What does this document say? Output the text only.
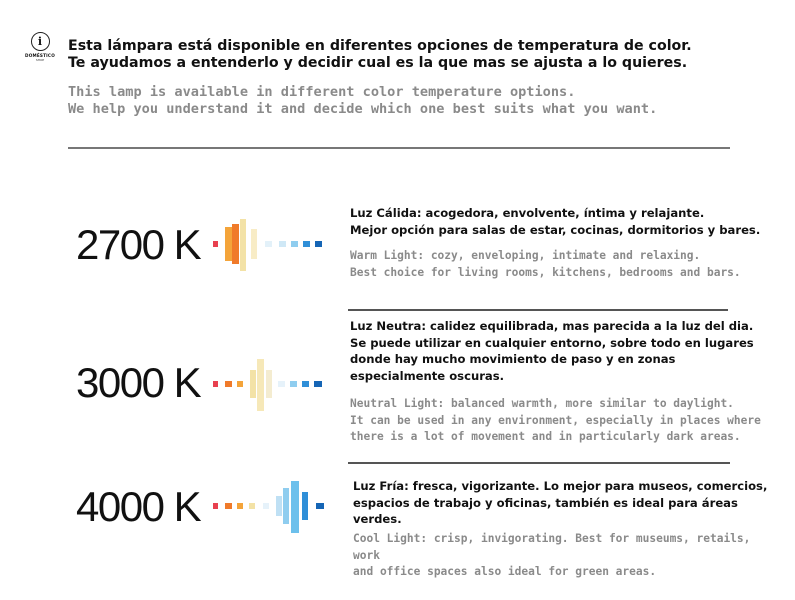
i
DOMÉSTICO
SHOP

Esta lámpara está disponible en diferentes opciones de temperatura de color.
Te ayudamos a entenderlo y decidir cual es la que mas se ajusta a lo quieres.

This lamp is available in different color temperature options.
We help you understand it and decide which one best suits what you want.

2700 K

Luz Cálida: acogedora, envolvente, íntima y relajante.
Mejor opción para salas de estar, cocinas, dormitorios y bares.

Warm Light: cozy, enveloping, intimate and relaxing.
Best choice for living rooms, kitchens, bedrooms and bars.

3000 K

Luz Neutra: calidez equilibrada, mas parecida a la luz del dia.
Se puede utilizar en cualquier entorno, sobre todo en lugares
donde hay mucho movimiento de paso y en zonas
especialmente oscuras.

Neutral Light: balanced warmth, more similar to daylight.
It can be used in any environment, especially in places where
there is a lot of movement and in particularly dark areas.

4000 K	Luz Fría: fresca, vigorizante. Lo mejor para museos, comercios,
espacios de trabajo y oficinas, también es ideal para áreas
verdes.

Cool Light: crisp, invigorating. Best for museums, retails, work
and office spaces also ideal for green areas.
